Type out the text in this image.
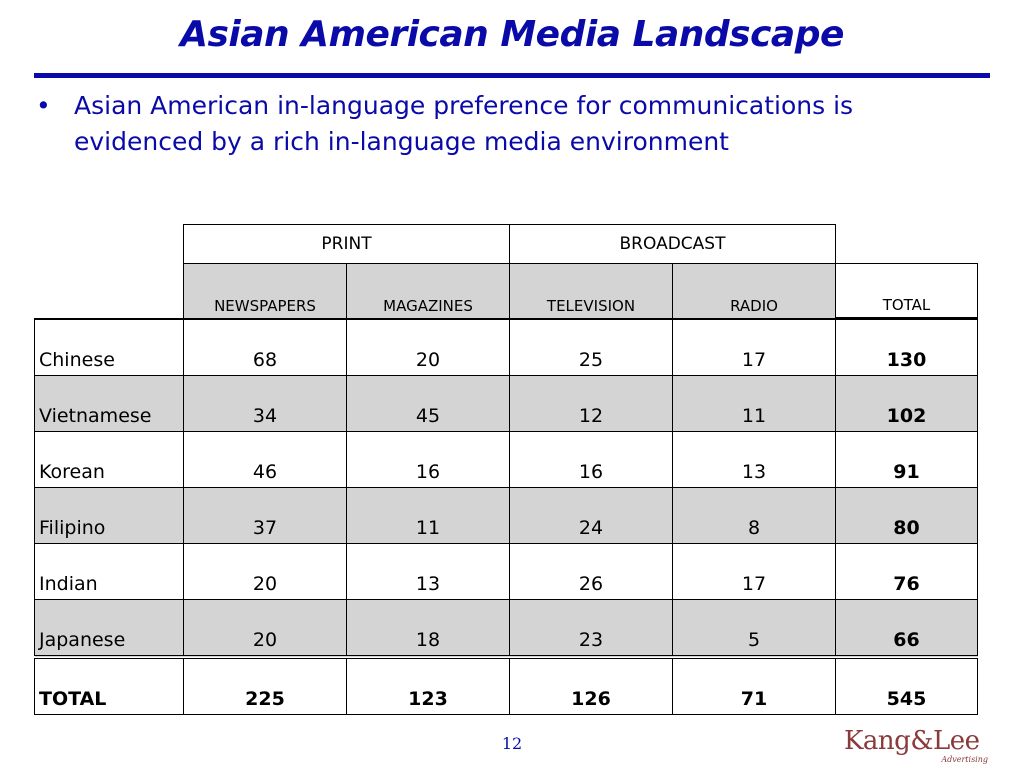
Asian American Media Landscape
• Asian American in-language preference for communications is evidenced by a rich in-language media environment
	PRINT		BROADCAST		
	NEWSPAPERS	MAGAZINES	TELEVISION	RADIO	TOTAL
Chinese	68	20	25	17	130
Vietnamese	34	45	12	11	102
Korean	46	16	16	13	91
Filipino	37	11	24	8	80
Indian	20	13	26	17	76
Japanese	20	18	23	5	66
TOTAL	225	123	126	71	545
12	Kang&Lee
Advertising
